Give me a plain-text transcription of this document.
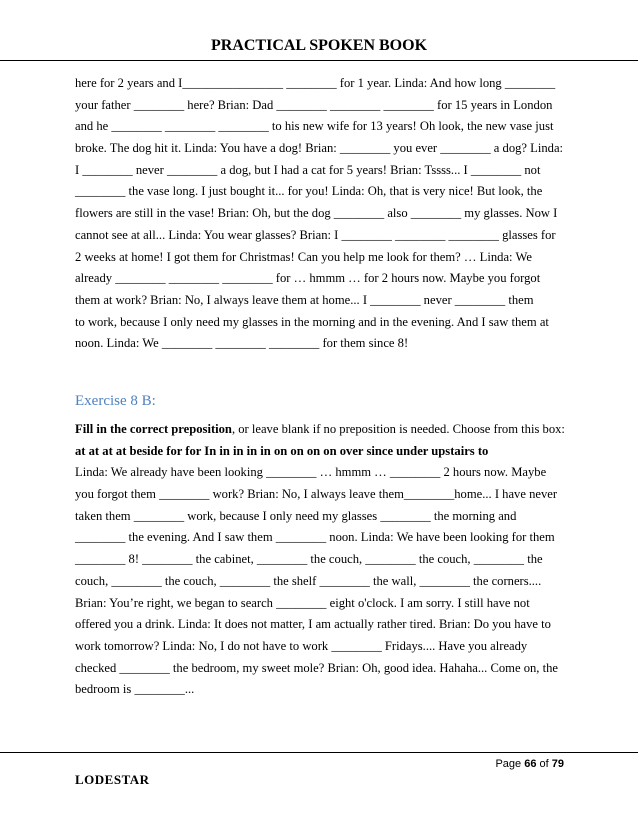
PRACTICAL SPOKEN BOOK
here for 2 years and I________________ ________ for 1 year. Linda: And how long ________
your father ________ here? Brian: Dad ________ ________ ________ for 15 years in London
and he ________ ________ ________ to his new wife for 13 years! Oh look, the new vase just
broke. The dog hit it. Linda: You have a dog! Brian: ________ you ever ________ a dog? Linda:
I ________ never ________ a dog, but I had a cat for 5 years! Brian: Tssss... I ________ not
________ the vase long. I just bought it... for you! Linda: Oh, that is very nice! But look, the
flowers are still in the vase! Brian: Oh, but the dog ________ also ________ my glasses. Now I
cannot see at all... Linda: You wear glasses? Brian: I ________ ________ ________ glasses for
2 weeks at home! I got them for Christmas! Can you help me look for them? … Linda: We
already ________ ________ ________ for … hmmm … for 2 hours now. Maybe you forgot
them at work? Brian: No, I always leave them at home... I ________ never ________ them
to work, because I only need my glasses in the morning and in the evening. And I saw them at
noon. Linda: We ________ ________ ________ for them since 8!
Exercise 8 B:
Fill in the correct preposition, or leave blank if no preposition is needed. Choose from this box:
at at at at beside for for In in in in in on on on on over since under upstairs to
Linda: We already have been looking ________ … hmmm … ________ 2 hours now. Maybe
you forgot them ________ work? Brian: No, I always leave them________home... I have never
taken them ________ work, because I only need my glasses ________ the morning and
________ the evening. And I saw them ________ noon. Linda: We have been looking for them
________ 8! ________ the cabinet, ________ the couch, ________ the couch, ________ the
couch, ________ the couch, ________ the shelf ________ the wall, ________ the corners....
Brian: You’re right, we began to search ________ eight o'clock. I am sorry. I still have not
offered you a drink. Linda: It does not matter, I am actually rather tired. Brian: Do you have to
work tomorrow? Linda: No, I do not have to work ________ Fridays.... Have you already
checked ________ the bedroom, my sweet mole? Brian: Oh, good idea. Hahaha... Come on, the
bedroom is ________...
Page 66 of 79
LODESTAR
